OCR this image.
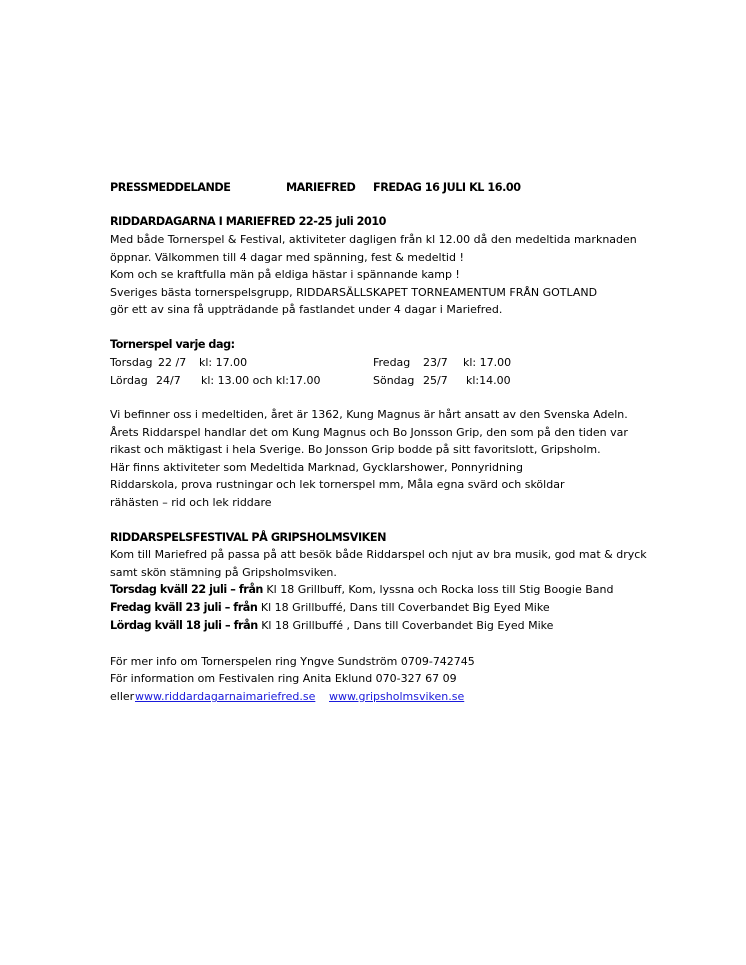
PRESSMEDDELANDE	MARIEFRED FREDAG 16 JULI KL 16.00
RIDDARDAGARNA I MARIEFRED 22-25 juli 2010

Med både Tornerspel & Festival, aktiviteter dagligen från kl 12.00 då den medeltida marknaden

öppnar. Välkommen till 4 dagar med spänning, fest & medeltid !

Kom och se kraftfulla män på eldiga hästar i spännande kamp !

Sveriges bästa tornerspelsgrupp, RIDDARSÄLLSKAPET TORNEAMENTUM FRÅN GOTLAND

gör ett av sina få uppträdande på fastlandet under 4 dagar i Mariefred.

Tornerspel varje dag:
Torsdag 22 /7 kl: 17.00	Fredag 23/7 kl: 17.00
Lördag 24/7 kl: 13.00 och kl:17.00	Söndag 25/7 kl:14.00

Vi befinner oss i medeltiden, året är 1362, Kung Magnus är hårt ansatt av den Svenska Adeln.

Årets Riddarspel handlar det om Kung Magnus och Bo Jonsson Grip, den som på den tiden var

rikast och mäktigast i hela Sverige. Bo Jonsson Grip bodde på sitt favoritslott, Gripsholm.

Här finns aktiviteter som Medeltida Marknad, Gycklarshower, Ponnyridning

Riddarskola, prova rustningar och lek tornerspel mm, Måla egna svärd och sköldar

rähästen – rid och lek riddare

RIDDARSPELSFESTIVAL PÅ GRIPSHOLMSVIKEN

Kom till Mariefred på passa på att besök både Riddarspel och njut av bra musik, god mat & dryck

samt skön stämning på Gripsholmsviken.

Torsdag kväll 22 juli – från Kl 18 Grillbuff, Kom, lyssna och Rocka loss till Stig Boogie Band

Fredag kväll 23 juli – från Kl 18 Grillbuffé, Dans till Coverbandet Big Eyed Mike

Lördag kväll 18 juli – från Kl 18 Grillbuffé , Dans till Coverbandet Big Eyed Mike

För mer info om Tornerspelen ring Yngve Sundström 0709-742745

För information om Festivalen ring Anita Eklund 070-327 67 09

eller www.riddardagarnaimariefred.se www.gripsholmsviken.se
